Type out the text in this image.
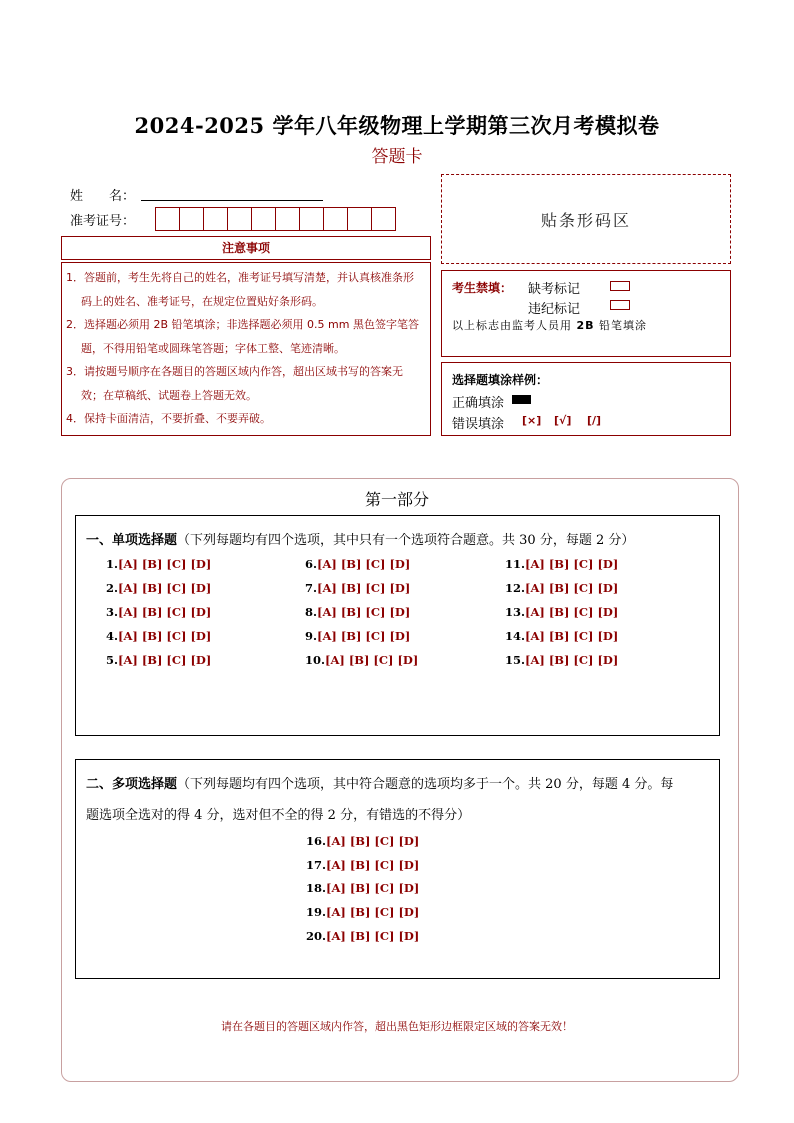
2024-2025 学年八年级物理上学期第三次月考模拟卷
答题卡
姓　　名：
准考证号：	贴条形码区
注意事项
1．答题前，考生先将自己的姓名，准考证号填写清楚，并认真核准条形码上的姓名、准考证号，在规定位置贴好条形码。
2．选择题必须用 2B 铅笔填涂；非选择题必须用 0.5 mm 黑色签字笔答题，不得用铅笔或圆珠笔答题；字体工整、笔迹清晰。
3．请按题号顺序在各题目的答题区域内作答，超出区域书写的答案无效；在草稿纸、试题卷上答题无效。
4．保持卡面清洁，不要折叠、不要弄破。
考生禁填： 缺考标记
违纪标记
以上标志由监考人员用 2B 铅笔填涂
选择题填涂样例：
正确填涂
错误填涂 [×] [√] [/]
第一部分
一、单项选择题（下列每题均有四个选项，其中只有一个选项符合题意。共 30 分，每题 2 分）
1.[A] [B] [C] [D]
2.[A] [B] [C] [D]
3.[A] [B] [C] [D]
4.[A] [B] [C] [D]
5.[A] [B] [C] [D]
6.[A] [B] [C] [D]
7.[A] [B] [C] [D]
8.[A] [B] [C] [D]
9.[A] [B] [C] [D]
10.[A] [B] [C] [D]
11.[A] [B] [C] [D]
12.[A] [B] [C] [D]
13.[A] [B] [C] [D]
14.[A] [B] [C] [D]
15.[A] [B] [C] [D]
二、多项选择题（下列每题均有四个选项，其中符合题意的选项均多于一个。共 20 分，每题 4 分。每
题选项全选对的得 4 分，选对但不全的得 2 分，有错选的不得分）
16.[A] [B] [C] [D]
17.[A] [B] [C] [D]
18.[A] [B] [C] [D]
19.[A] [B] [C] [D]
20.[A] [B] [C] [D]
请在各题目的答题区域内作答，超出黑色矩形边框限定区域的答案无效！
